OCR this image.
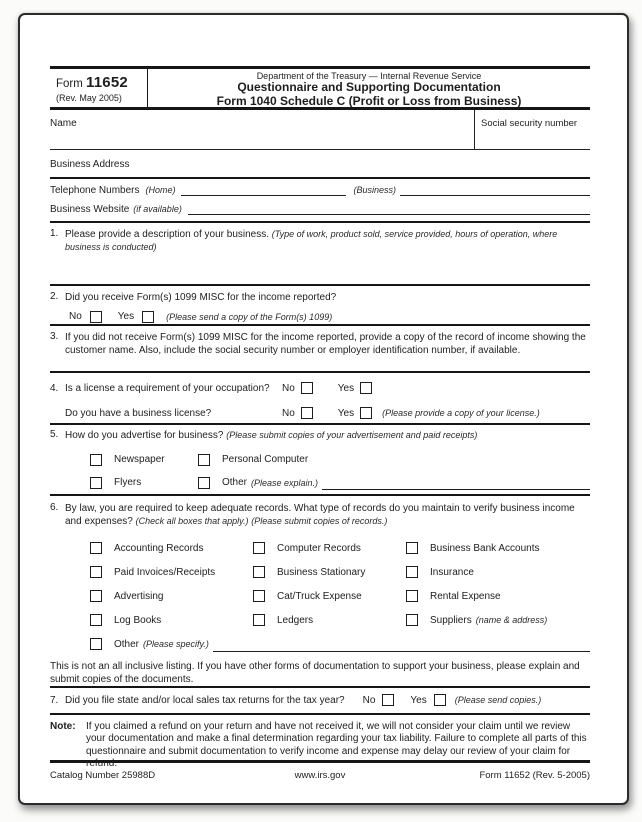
Form 11652
(Rev. May 2005)
Department of the Treasury — Internal Revenue Service
Questionnaire and Supporting Documentation
Form 1040 Schedule C (Profit or Loss from Business)
Name	Social security number
Business Address
Telephone Numbers (Home)	(Business)
Business Website (if available)
1. Please provide a description of your business. (Type of work, product sold, service provided, hours of operation, where business is conducted)
2. Did you receive Form(s) 1099 MISC for the income reported?
No	Yes	(Please send a copy of the Form(s) 1099)
3. If you did not receive Form(s) 1099 MISC for the income reported, provide a copy of the record of income showing the customer name. Also, include the social security number or employer identification number, if available.
4. Is a license a requirement of your occupation?	No	Yes
Do you have a business license?	No	Yes	(Please provide a copy of your license.)
5. How do you advertise for business? (Please submit copies of your advertisement and paid receipts)
Newspaper	Personal Computer
Flyers	Other (Please explain.)
6. By law, you are required to keep adequate records. What type of records do you maintain to verify business income and expenses? (Check all boxes that apply.) (Please submit copies of records.)
Accounting Records	Computer Records	Business Bank Accounts
Paid Invoices/Receipts	Business Stationary	Insurance
Advertising	Cat/Truck Expense	Rental Expense
Log Books	Ledgers	Suppliers (name & address)
Other (Please specify.)
This is not an all inclusive listing. If you have other forms of documentation to support your business, please explain and submit copies of the documents.
7. Did you file state and/or local sales tax returns for the tax year? No	Yes	(Please send copies.)
Note:	If you claimed a refund on your return and have not received it, we will not consider your claim until we review your documentation and make a final determination regarding your tax liability. Failure to complete all parts of this questionnaire and submit documentation to verify income and expense may delay our review of your claim for refund.
Catalog Number 25988D	www.irs.gov	Form 11652 (Rev. 5-2005)
